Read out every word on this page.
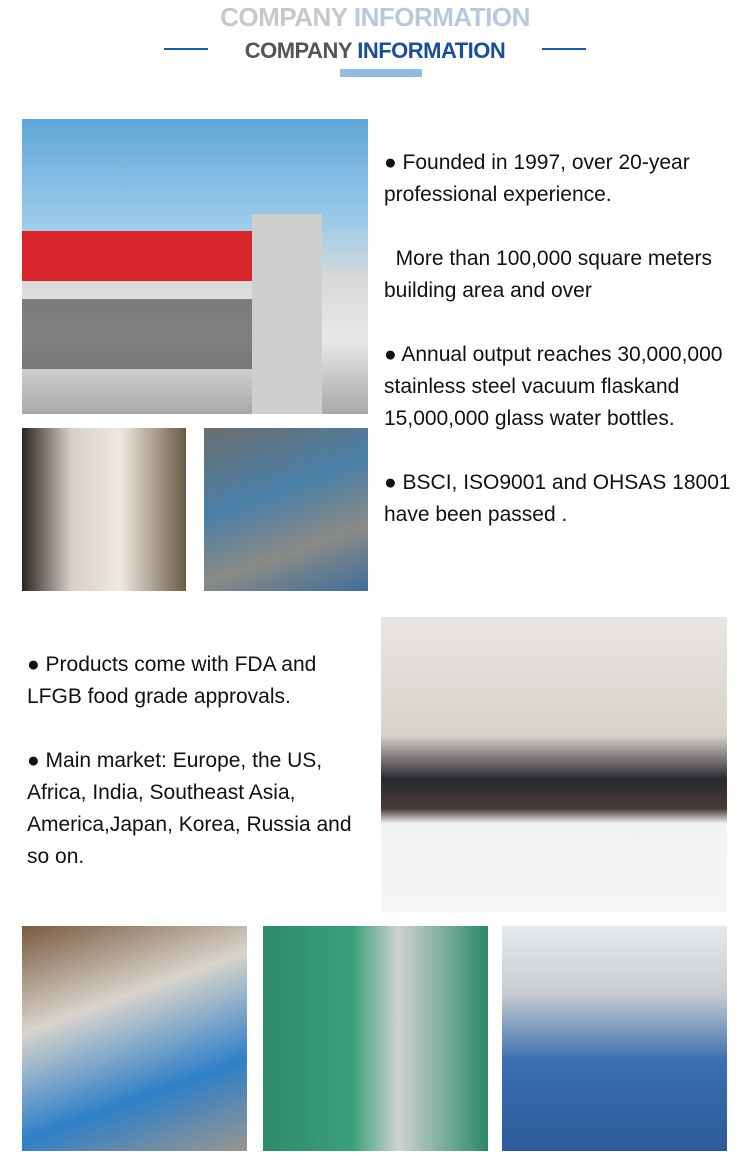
COMPANY INFORMATION
COMPANY INFORMATION

● Founded in 1997, over 20-year professional experience.

More than 100,000 square meters building area and over

● Annual output reaches 30,000,000 stainless steel vacuum flaskand 15,000,000 glass water bottles.

● BSCI, ISO9001 and OHSAS 18001 have been passed .

● Products come with FDA and LFGB food grade approvals.

● Main market: Europe, the US, Africa, India, Southeast Asia, America,Japan, Korea, Russia and so on.
